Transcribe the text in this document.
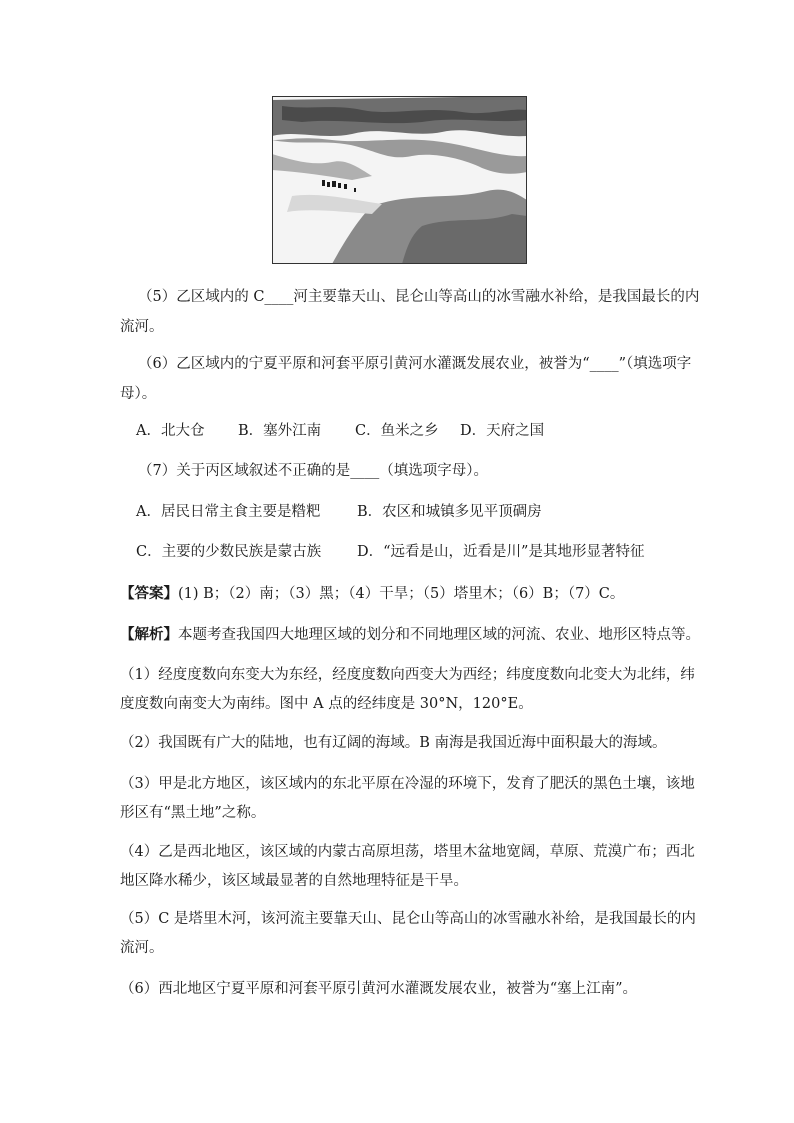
（5）乙区域内的 C____河主要靠天山、昆仑山等高山的冰雪融水补给，是我国最长的内
流河。
（6）乙区域内的宁夏平原和河套平原引黄河水灌溉发展农业，被誉为“____”（填选项字
母）。
A．北大仓 B．塞外江南 C．鱼米之乡 D．天府之国
（7）关于丙区域叙述不正确的是____（填选项字母）。
A．居民日常主食主要是糌粑	B．农区和城镇多见平顶碉房
C．主要的少数民族是蒙古族 D．“远看是山，近看是川”是其地形显著特征
【答案】(1) B；（2）南；（3）黑；（4）干旱；（5）塔里木；（6）B；（7）C。
【解析】本题考查我国四大地理区域的划分和不同地理区域的河流、农业、地形区特点等。
（1）经度度数向东变大为东经，经度度数向西变大为西经；纬度度数向北变大为北纬，纬
度度数向南变大为南纬。图中 A 点的经纬度是 30°N，120°E。
（2）我国既有广大的陆地，也有辽阔的海域。B 南海是我国近海中面积最大的海域。
（3）甲是北方地区，该区域内的东北平原在冷湿的环境下，发育了肥沃的黑色土壤，该地
形区有“黑土地”之称。
（4）乙是西北地区，该区域的内蒙古高原坦荡，塔里木盆地宽阔，草原、荒漠广布；西北
地区降水稀少，该区域最显著的自然地理特征是干旱。
（5）C 是塔里木河，该河流主要靠天山、昆仑山等高山的冰雪融水补给，是我国最长的内
流河。
（6）西北地区宁夏平原和河套平原引黄河水灌溉发展农业，被誉为“塞上江南”。
